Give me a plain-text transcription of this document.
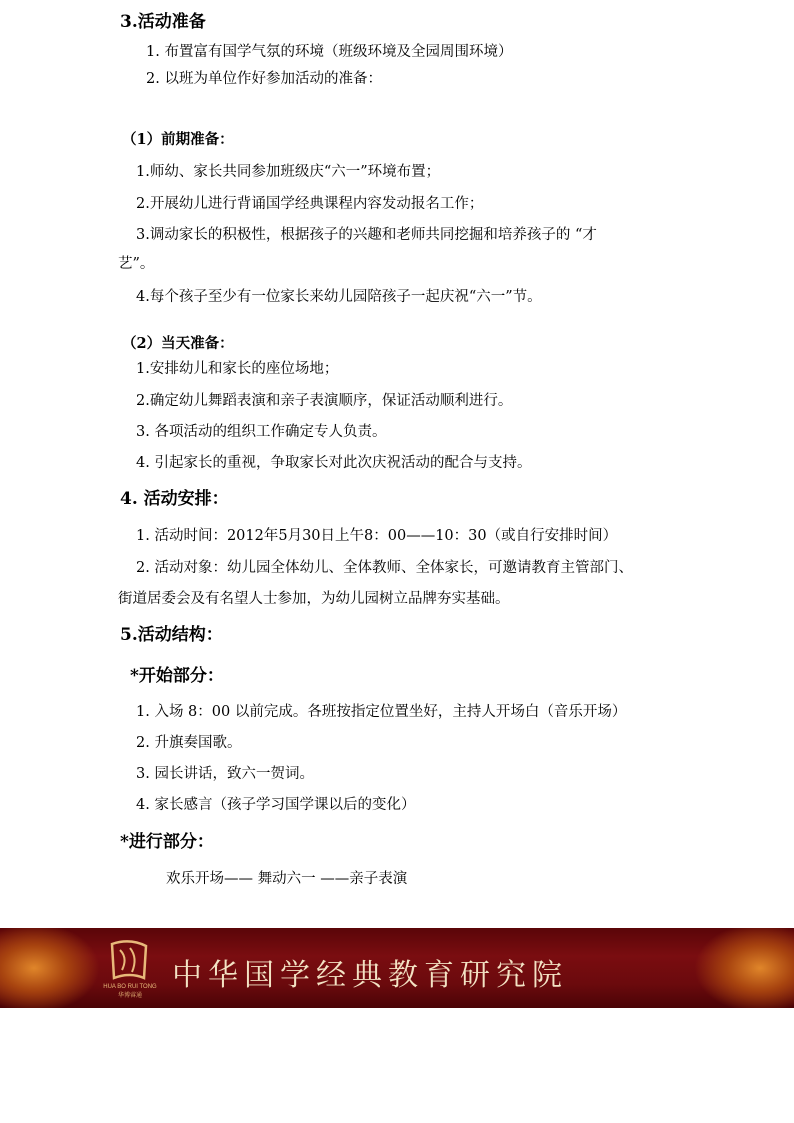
3.活动准备
1. 布置富有国学气氛的环境（班级环境及全园周围环境）
2. 以班为单位作好参加活动的准备：
（1）前期准备：
1.师幼、家长共同参加班级庆“六一”环境布置；
2.开展幼儿进行背诵国学经典课程内容发动报名工作；
3.调动家长的积极性，根据孩子的兴趣和老师共同挖掘和培养孩子的 “才
艺”。
4.每个孩子至少有一位家长来幼儿园陪孩子一起庆祝“六一”节。
（2）当天准备：
1.安排幼儿和家长的座位场地；
2.确定幼儿舞蹈表演和亲子表演顺序，保证活动顺利进行。
3. 各项活动的组织工作确定专人负责。
4. 引起家长的重视，争取家长对此次庆祝活动的配合与支持。
4. 活动安排：
1. 活动时间：2012年5月30日上午8：00——10：30（或自行安排时间）
2. 活动对象：幼儿园全体幼儿、全体教师、全体家长，可邀请教育主管部门、
街道居委会及有名望人士参加，为幼儿园树立品牌夯实基础。
5.活动结构：
*开始部分：
1. 入场 8：00 以前完成。各班按指定位置坐好，主持人开场白（音乐开场）
2. 升旗奏国歌。
3. 园长讲话，致六一贺词。
4. 家长感言（孩子学习国学课以后的变化）
*进行部分：
欢乐开场—— 舞动六一 ——亲子表演
HUA BO RUI TONG
华博睿通
中华国学经典教育研究院
